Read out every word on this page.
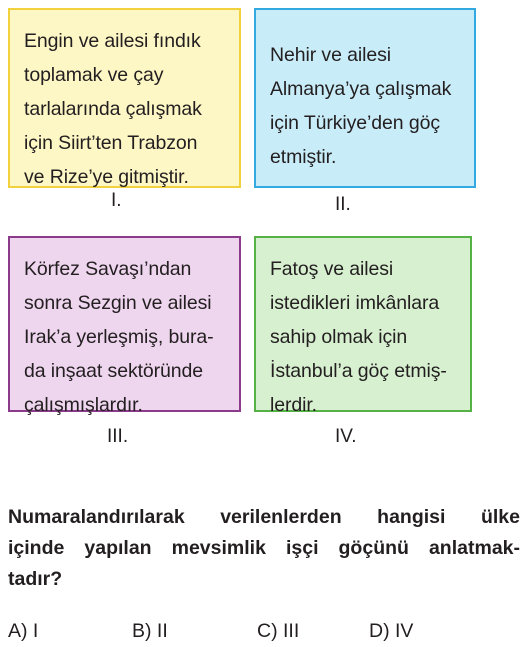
Engin ve ailesi fındık
toplamak ve çay
tarlalarında çalışmak
için Siirt’ten Trabzon
ve Rize’ye gitmiştir.

I.

Nehir ve ailesi
Almanya’ya çalışmak
için Türkiye’den göç
etmiştir.

II.

Körfez Savaşı’ndan
sonra Sezgin ve ailesi
Irak’a yerleşmiş, bura-
da inşaat sektöründe
çalışmışlardır.

III.

Fatoş ve ailesi
istedikleri imkânlara
sahip olmak için
İstanbul’a göç etmiş-
lerdir.

IV.

Numaralandırılarak verilenlerden hangisi ülke
içinde yapılan mevsimlik işçi göçünü anlatmak-
tadır?

A) I	B) II	C) III	D) IV
